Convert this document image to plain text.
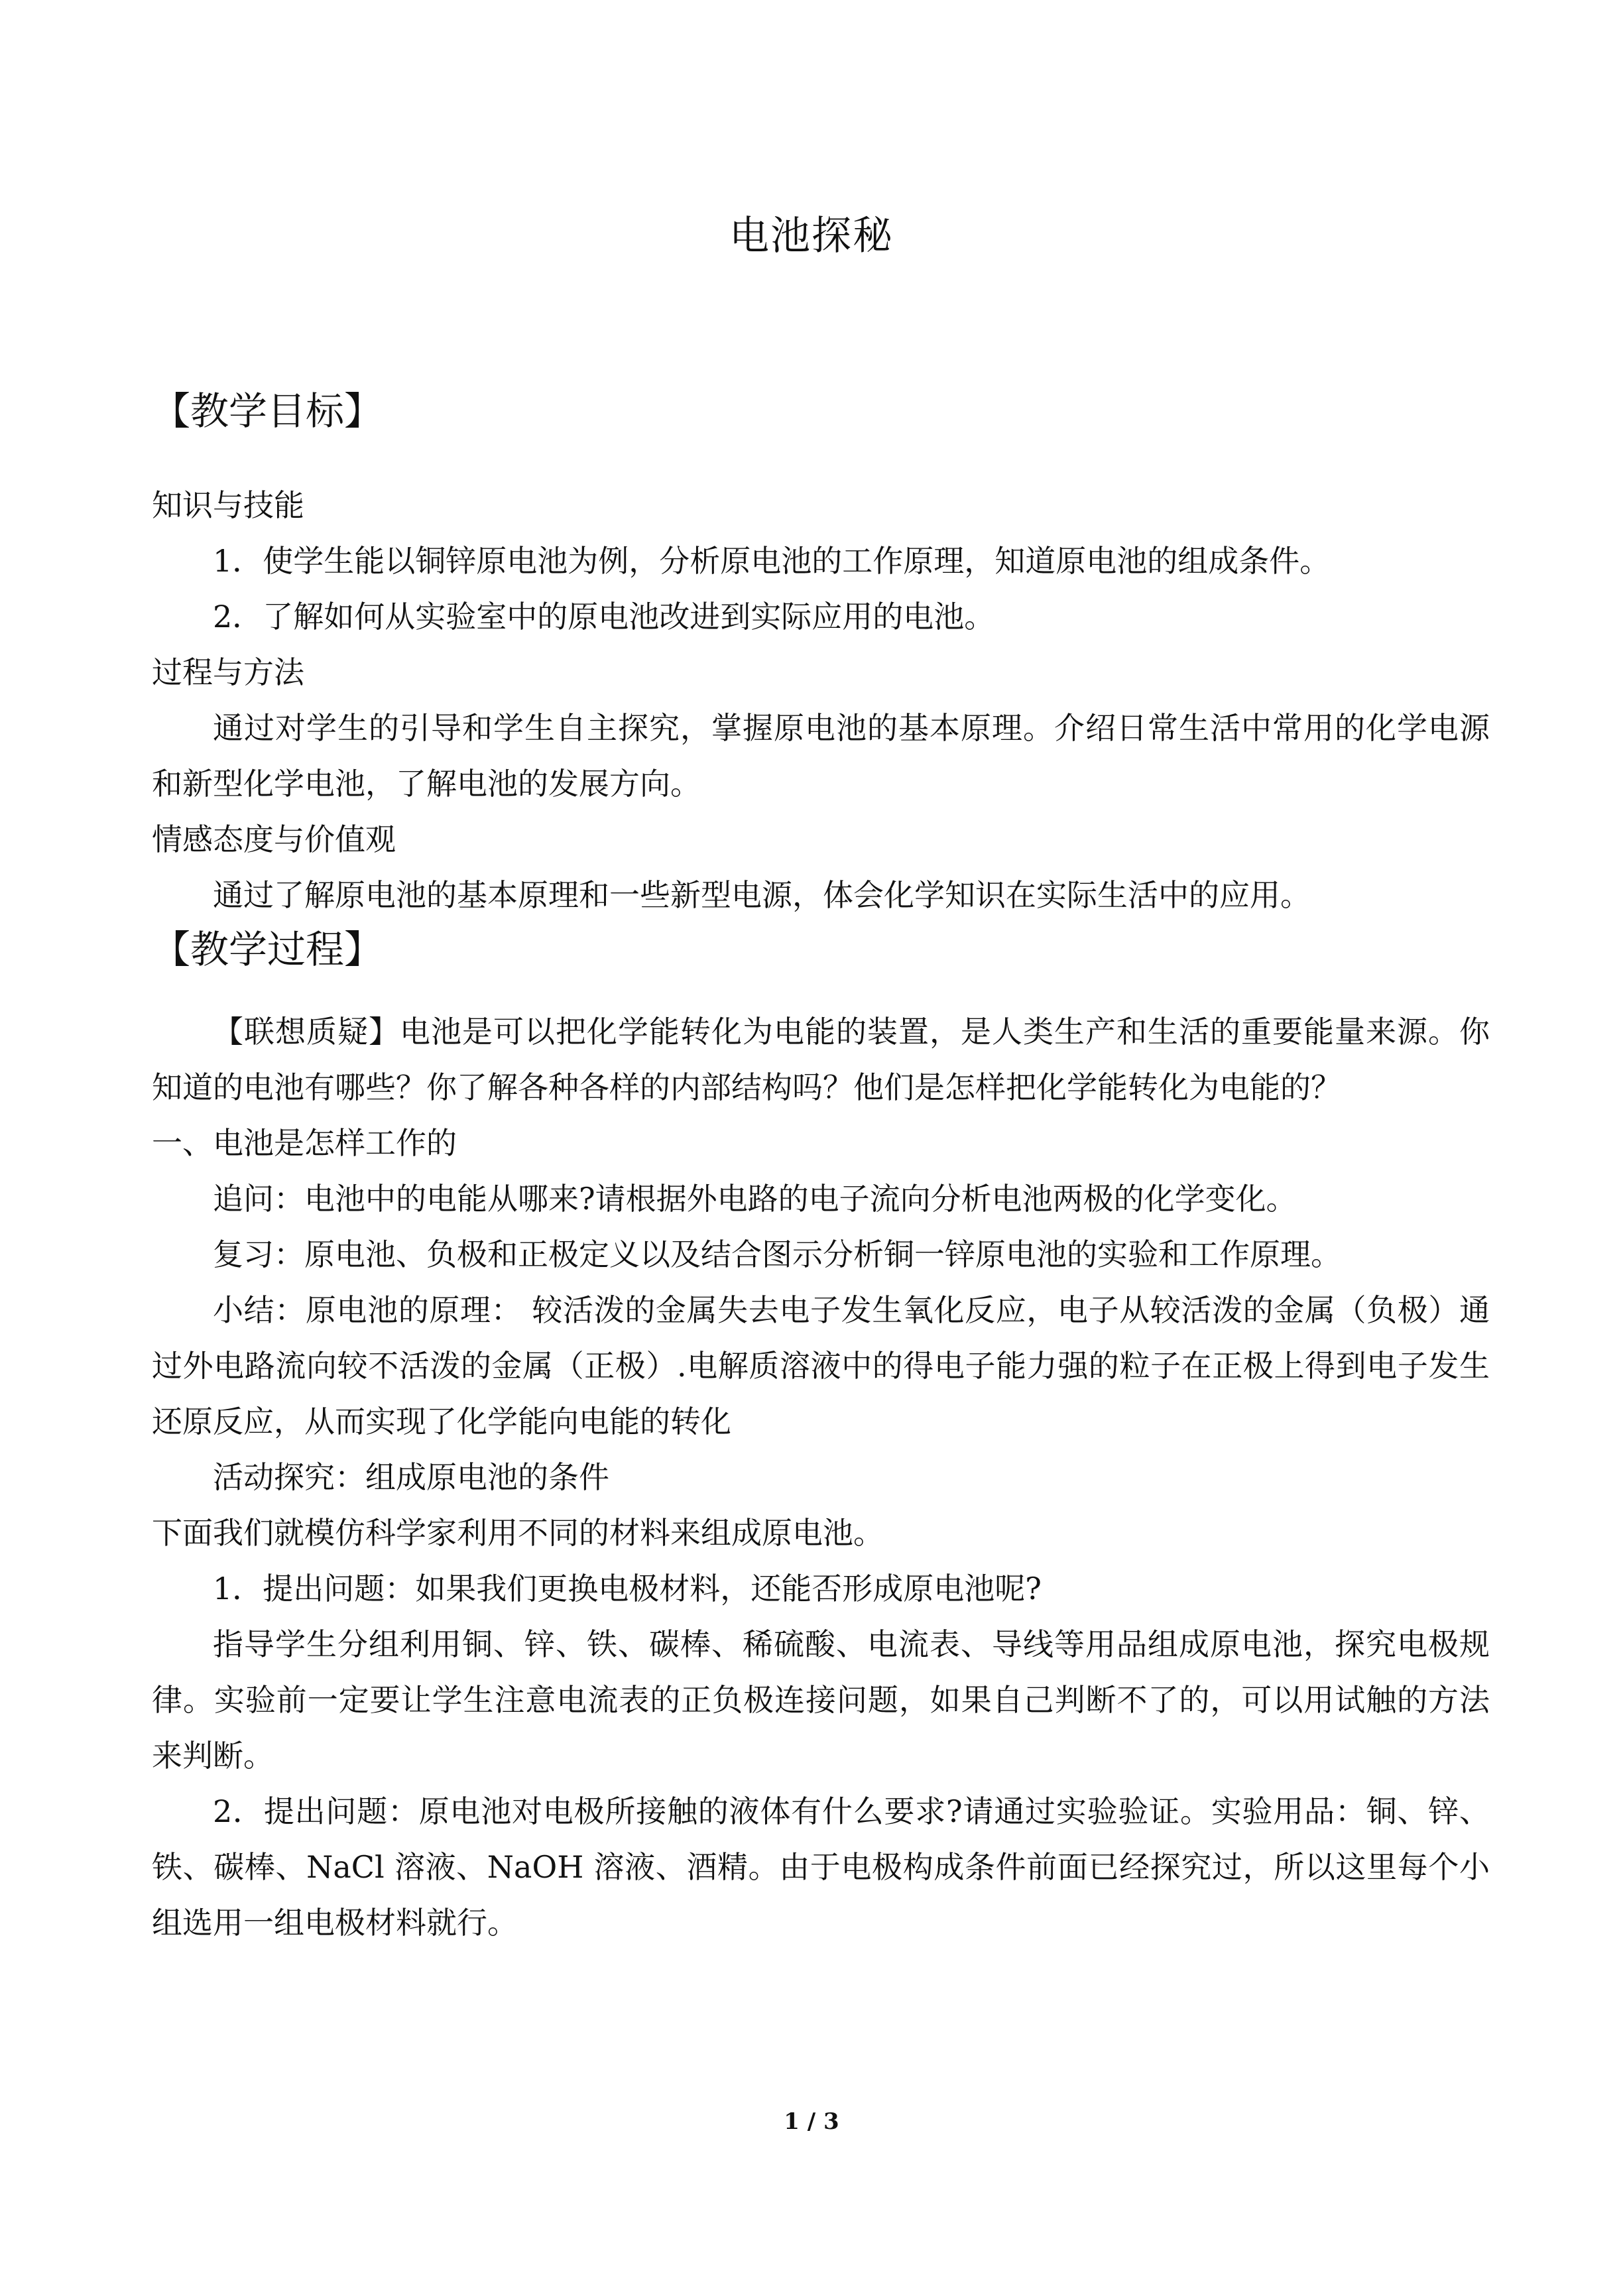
电池探秘
【教学目标】

知识与技能

1．使学生能以铜锌原电池为例，分析原电池的工作原理，知道原电池的组成条件。

2．了解如何从实验室中的原电池改进到实际应用的电池。

过程与方法

通过对学生的引导和学生自主探究，掌握原电池的基本原理。介绍日常生活中常用的化学电源和新型化学电池，了解电池的发展方向。

情感态度与价值观

通过了解原电池的基本原理和一些新型电源，体会化学知识在实际生活中的应用。

【教学过程】

【联想质疑】电池是可以把化学能转化为电能的装置，是人类生产和生活的重要能量来源。你知道的电池有哪些？你了解各种各样的内部结构吗？他们是怎样把化学能转化为电能的？

一、电池是怎样工作的

追问：电池中的电能从哪来?请根据外电路的电子流向分析电池两极的化学变化。

复习：原电池、负极和正极定义以及结合图示分析铜一锌原电池的实验和工作原理。

小结：原电池的原理： 较活泼的金属失去电子发生氧化反应，电子从较活泼的金属（负极）通过外电路流向较不活泼的金属（正极）.电解质溶液中的得电子能力强的粒子在正极上得到电子发生还原反应，从而实现了化学能向电能的转化

活动探究：组成原电池的条件

下面我们就模仿科学家利用不同的材料来组成原电池。

1．提出问题：如果我们更换电极材料，还能否形成原电池呢?

指导学生分组利用铜、锌、铁、碳棒、稀硫酸、电流表、导线等用品组成原电池，探究电极规律。实验前一定要让学生注意电流表的正负极连接问题，如果自己判断不了的，可以用试触的方法来判断。

2．提出问题：原电池对电极所接触的液体有什么要求?请通过实验验证。实验用品：铜、锌、铁、碳棒、NaCl 溶液、NaOH 溶液、酒精。由于电极构成条件前面已经探究过，所以这里每个小组选用一组电极材料就行。

1 / 3
